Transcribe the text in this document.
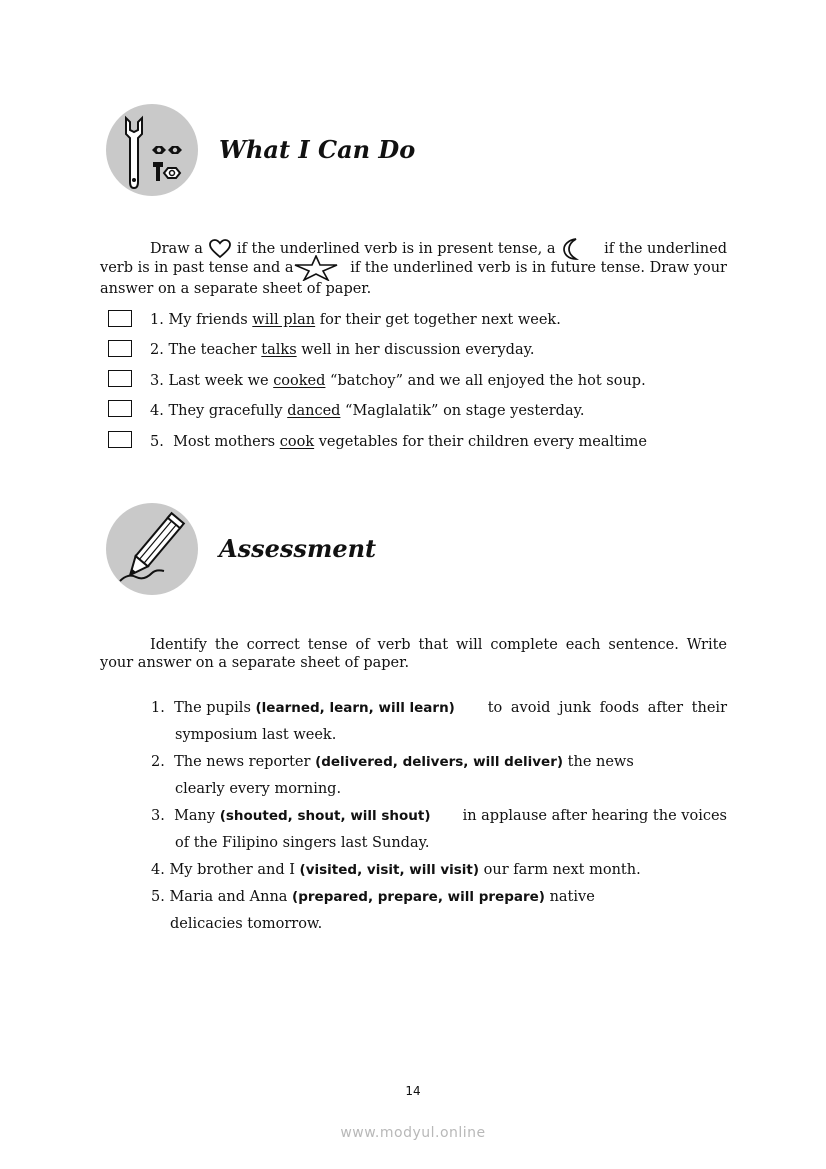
What I Can Do
Draw a if the underlined verb is in present tense, a	if the underlined
verb is in past tense and a	if the underlined verb is in future tense. Draw your
answer on a separate sheet of paper.
1. My friends will plan for their get together next week.
2. The teacher talks well in her discussion everyday.
3. Last week we cooked “batchoy” and we all enjoyed the hot soup.
4. They gracefully danced “Maglalatik” on stage yesterday.
5. Most mothers cook vegetables for their children every mealtime
Assessment
Identify the correct tense of verb that will complete each sentence. Write
your answer on a separate sheet of paper.
1. The pupils (learned, learn, will learn) to avoid junk foods after their
symposium last week.
2. The news reporter (delivered, delivers, will deliver) the news
clearly every morning.
3. Many (shouted, shout, will shout) in applause after hearing the voices
of the Filipino singers last Sunday.
4. My brother and I (visited, visit, will visit) our farm next month.
5. Maria and Anna (prepared, prepare, will prepare) native
delicacies tomorrow.
14
www.modyul.online
